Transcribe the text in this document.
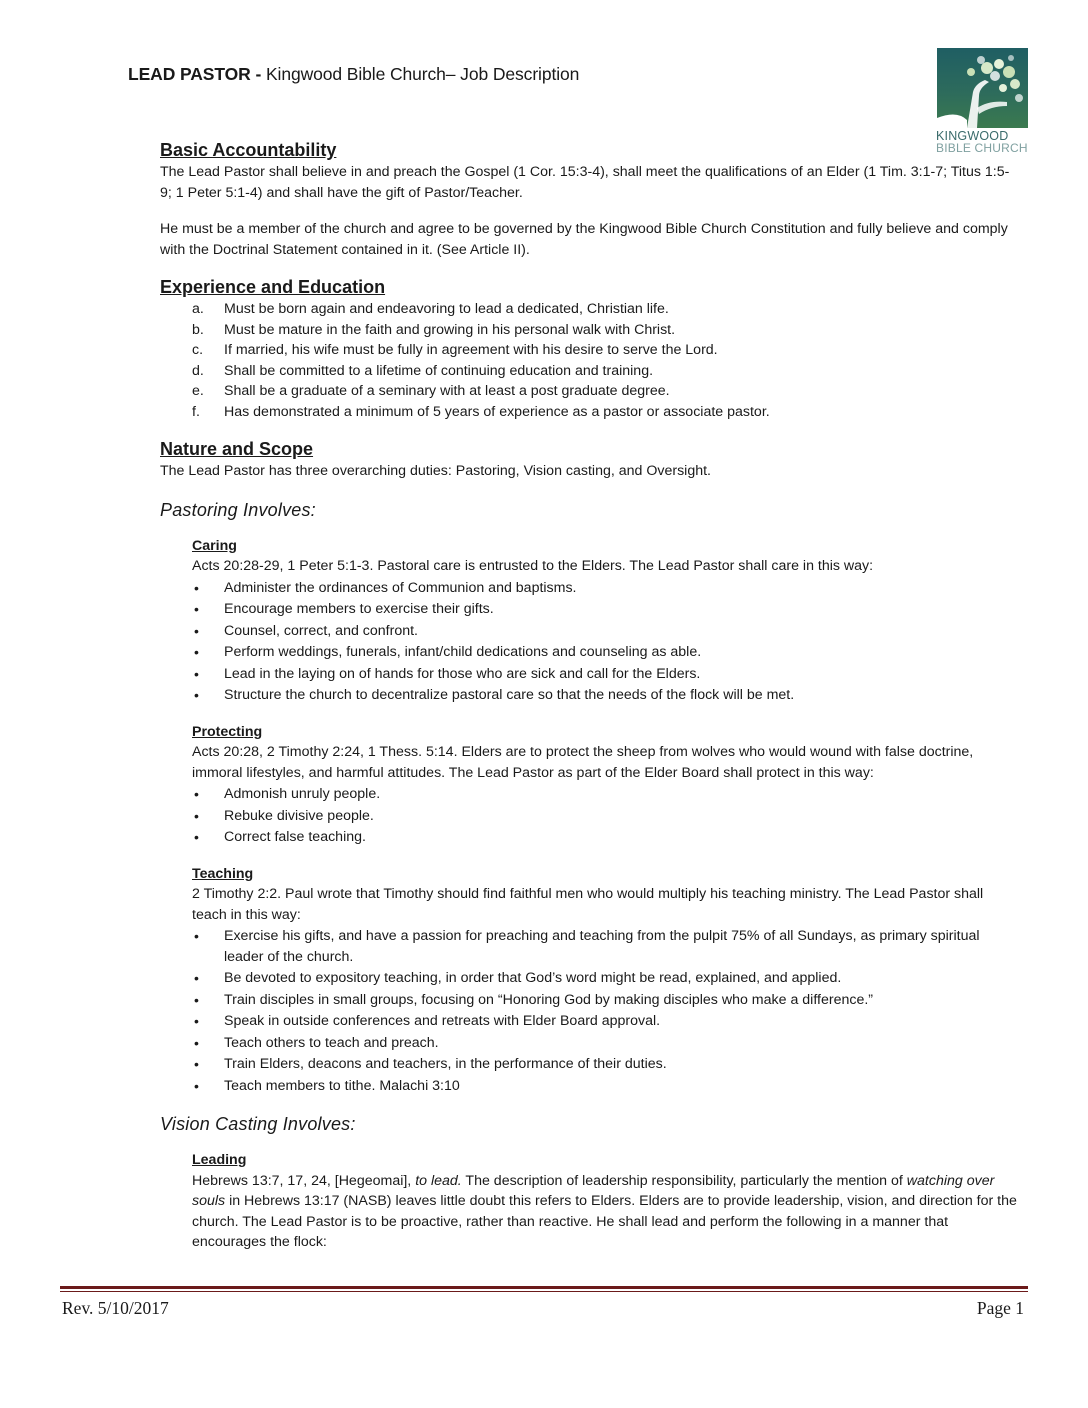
LEAD PASTOR - Kingwood Bible Church– Job Description
KINGWOOD
BIBLE CHURCH
Basic Accountability

The Lead Pastor shall believe in and preach the Gospel (1 Cor. 15:3-4), shall meet the qualifications of an Elder (1 Tim. 3:1-7; Titus 1:5-9; 1 Peter 5:1-4) and shall have the gift of Pastor/Teacher.

He must be a member of the church and agree to be governed by the Kingwood Bible Church Constitution and fully believe and comply with the Doctrinal Statement contained in it. (See Article II).

Experience and Education
a. Must be born again and endeavoring to lead a dedicated, Christian life.
b. Must be mature in the faith and growing in his personal walk with Christ.
c. If married, his wife must be fully in agreement with his desire to serve the Lord.
d. Shall be committed to a lifetime of continuing education and training.
e. Shall be a graduate of a seminary with at least a post graduate degree.
f. Has demonstrated a minimum of 5 years of experience as a pastor or associate pastor.
Nature and Scope

The Lead Pastor has three overarching duties: Pastoring, Vision casting, and Oversight.

Pastoring Involves:

Caring

Acts 20:28-29, 1 Peter 5:1-3. Pastoral care is entrusted to the Elders. The Lead Pastor shall care in this way:

• Administer the ordinances of Communion and baptisms.
• Encourage members to exercise their gifts.
• Counsel, correct, and confront.
• Perform weddings, funerals, infant/child dedications and counseling as able.
• Lead in the laying on of hands for those who are sick and call for the Elders.
• Structure the church to decentralize pastoral care so that the needs of the flock will be met.

Protecting

Acts 20:28, 2 Timothy 2:24, 1 Thess. 5:14. Elders are to protect the sheep from wolves who would wound with false doctrine, immoral lifestyles, and harmful attitudes. The Lead Pastor as part of the Elder Board shall protect in this way:

• Admonish unruly people.
• Rebuke divisive people.
• Correct false teaching.

Teaching

2 Timothy 2:2. Paul wrote that Timothy should find faithful men who would multiply his teaching ministry. The Lead Pastor shall teach in this way:

• Exercise his gifts, and have a passion for preaching and teaching from the pulpit 75% of all Sundays, as primary spiritual leader of the church.
• Be devoted to expository teaching, in order that God’s word might be read, explained, and applied.
• Train disciples in small groups, focusing on “Honoring God by making disciples who make a difference.”
• Speak in outside conferences and retreats with Elder Board approval.
• Teach others to teach and preach.
• Train Elders, deacons and teachers, in the performance of their duties.
• Teach members to tithe. Malachi 3:10
Vision Casting Involves:

Leading

Hebrews 13:7, 17, 24, [Hegeomai], to lead. The description of leadership responsibility, particularly the mention of watching over souls in Hebrews 13:17 (NASB) leaves little doubt this refers to Elders. Elders are to provide leadership, vision, and direction for the church. The Lead Pastor is to be proactive, rather than reactive. He shall lead and perform the following in a manner that encourages the flock:

Rev. 5/10/2017	Page 1
